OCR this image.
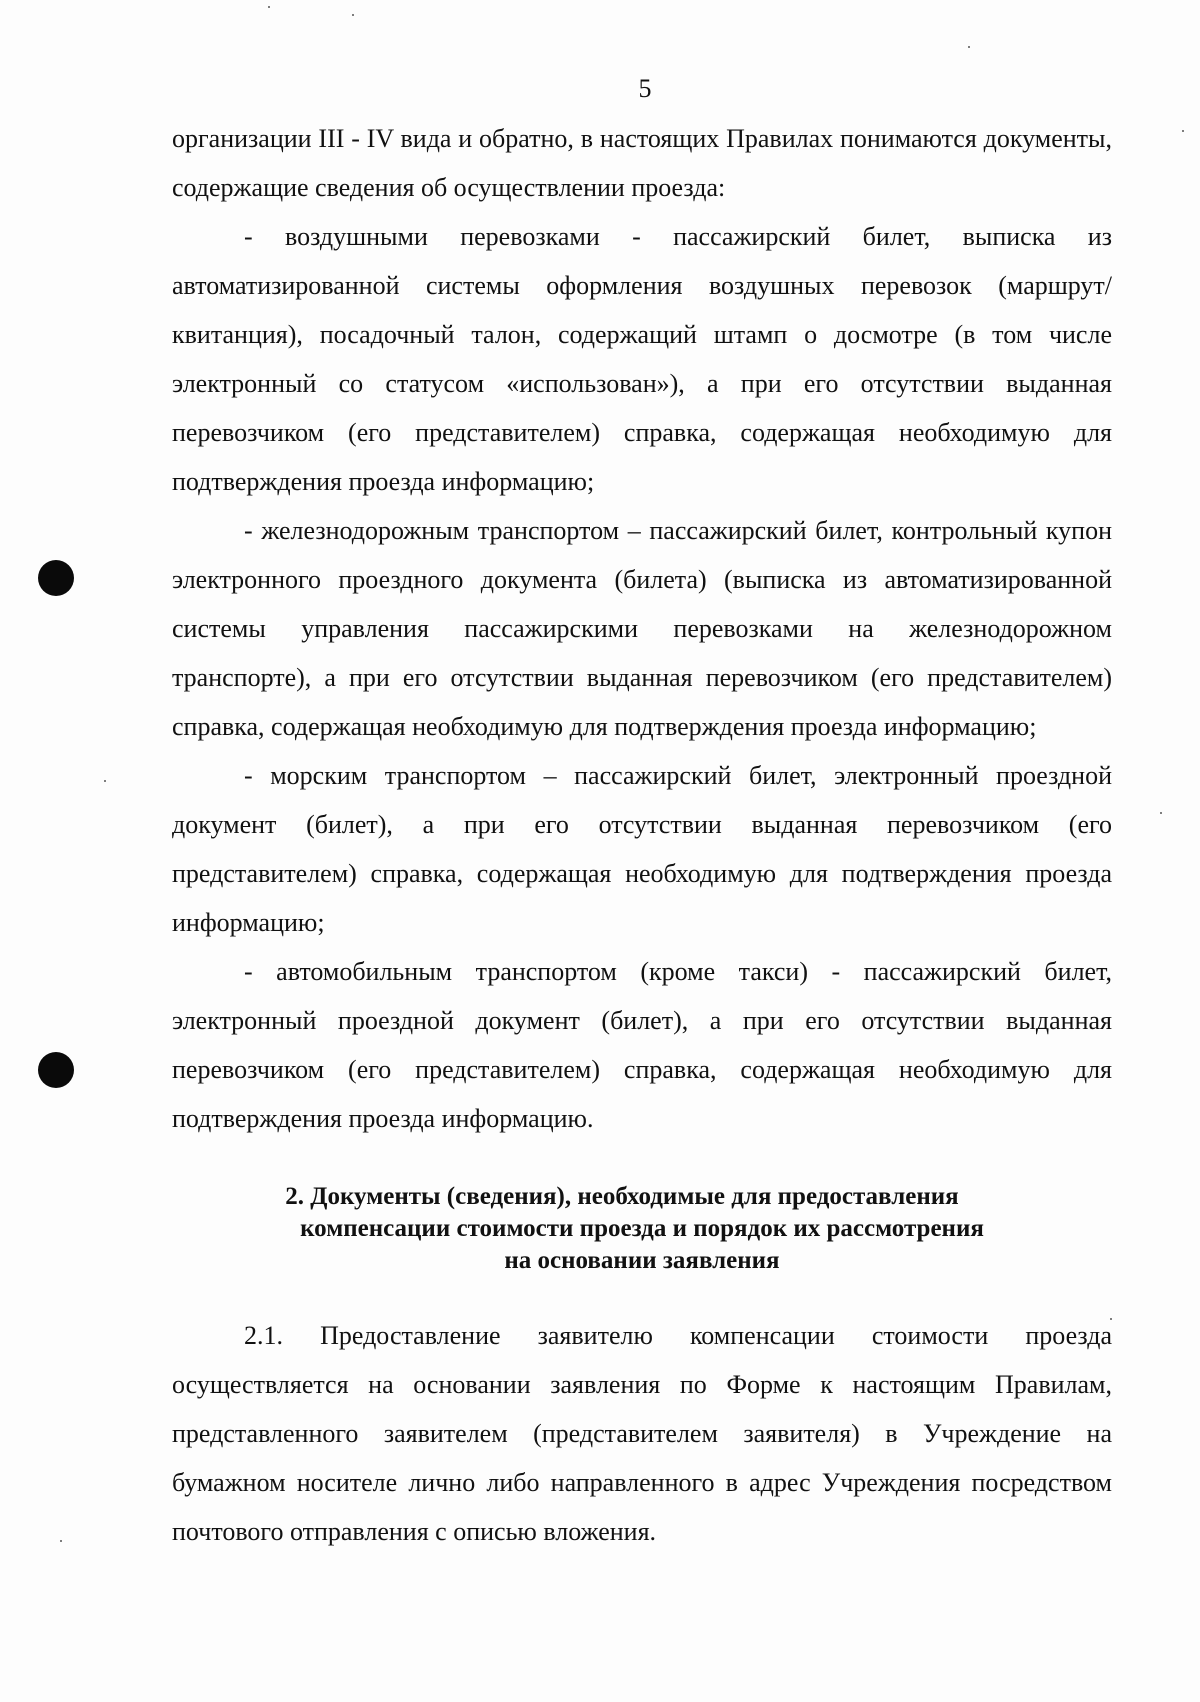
5

организации III - IV вида и обратно, в настоящих Правилах понимаются документы, содержащие сведения об осуществлении проезда:

- воздушными перевозками - пассажирский билет, выписка из автоматизированной системы оформления воздушных перевозок (маршрут/квитанция), посадочный талон, содержащий штамп о досмотре (в том числе электронный со статусом «использован»), а при его отсутствии выданная перевозчиком (его представителем) справка, содержащая необходимую для подтверждения проезда информацию;

- железнодорожным транспортом – пассажирский билет, контрольный купон электронного проездного документа (билета) (выписка из автоматизированной системы управления пассажирскими перевозками на железнодорожном транспорте), а при его отсутствии выданная перевозчиком (его представителем) справка, содержащая необходимую для подтверждения проезда информацию;

- морским транспортом – пассажирский билет, электронный проездной документ (билет), а при его отсутствии выданная перевозчиком (его представителем) справка, содержащая необходимую для подтверждения проезда информацию;

- автомобильным транспортом (кроме такси) - пассажирский билет, электронный проездной документ (билет), а при его отсутствии выданная перевозчиком (его представителем) справка, содержащая необходимую для подтверждения проезда информацию.

2. Документы (сведения), необходимые для предоставления
компенсации стоимости проезда и порядок их рассмотрения
на основании заявления

2.1. Предоставление заявителю компенсации стоимости проезда осуществляется на основании заявления по Форме к настоящим Правилам, представленного заявителем (представителем заявителя) в Учреждение на бумажном носителе лично либо направленного в адрес Учреждения посредством почтового отправления с описью вложения.
